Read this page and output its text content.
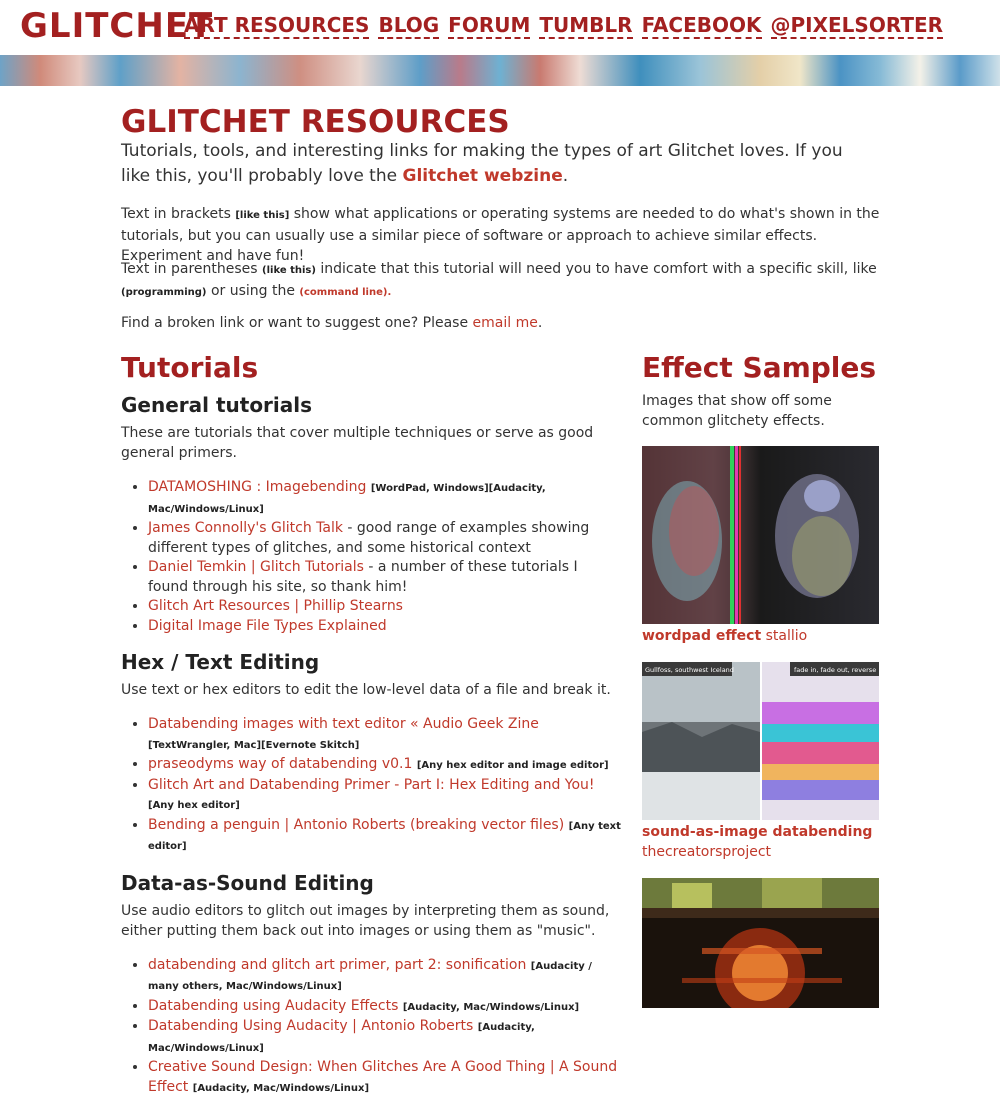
GLITCHET
ART RESOURCES BLOG FORUM TUMBLR FACEBOOK @PIXELSORTER
GLITCHET RESOURCES
Tutorials, tools, and interesting links for making the types of art Glitchet loves. If you like this, you'll probably love the Glitchet webzine.
Text in brackets [like this] show what applications or operating systems are needed to do what's shown in the tutorials, but you can usually use a similar piece of software or approach to achieve similar effects. Experiment and have fun!
Text in parentheses (like this) indicate that this tutorial will need you to have comfort with a specific skill, like (programming) or using the (command line).
Find a broken link or want to suggest one? Please email me.
Tutorials
General tutorials

These are tutorials that cover multiple techniques or serve as good general primers.

• DATAMOSHING : Imagebending [WordPad, Windows][Audacity, Mac/Windows/Linux]
• James Connolly's Glitch Talk - good range of examples showing different types of glitches, and some historical context
• Daniel Temkin | Glitch Tutorials - a number of these tutorials I found through his site, so thank him!
• Glitch Art Resources | Phillip Stearns
• Digital Image File Types Explained
Hex / Text Editing

Use text or hex editors to edit the low-level data of a file and break it.

• Databending images with text editor « Audio Geek Zine [TextWrangler, Mac][Evernote Skitch]
• praseodyms way of databending v0.1 [Any hex editor and image editor]
• Glitch Art and Databending Primer - Part I: Hex Editing and You! [Any hex editor]
• Bending a penguin | Antonio Roberts (breaking vector files) [Any text editor]
Data-as-Sound Editing

Use audio editors to glitch out images by interpreting them as sound, either putting them back out into images or using them as "music".

• databending and glitch art primer, part 2: sonification [Audacity / many others, Mac/Windows/Linux]
• Databending using Audacity Effects [Audacity, Mac/Windows/Linux]
• Databending Using Audacity | Antonio Roberts [Audacity, Mac/Windows/Linux]
• Creative Sound Design: When Glitches Are A Good Thing | A Sound Effect [Audacity, Mac/Windows/Linux]
Effect Samples

Images that show off some common glitchety effects.

wordpad effect stallio
Gullfoss, southwest Iceland	fade in, fade out, reverse
sound-as-image databending
thecreatorsproject
